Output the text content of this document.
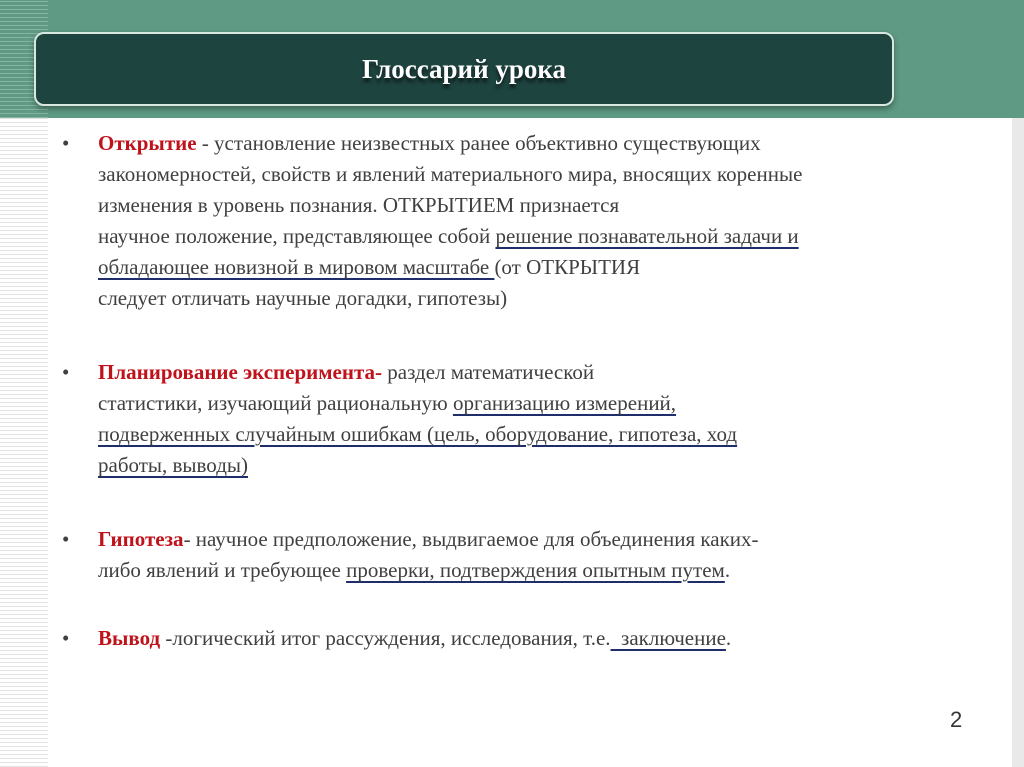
Глоссарий урока
• Открытие - установление неизвестных ранее объективно существующих
закономерностей, свойств и явлений материального мира, вносящих коренные
изменения в уровень познания. ОТКРЫТИЕМ признается
научное положение, представляющее собой решение познавательной задачи и
обладающее новизной в мировом масштабе (от ОТКРЫТИЯ
следует отличать научные догадки, гипотезы)
• Планирование эксперимента- раздел математической
статистики, изучающий рациональную организацию измерений,
подверженных случайным ошибкам (цель, оборудование, гипотеза, ход
работы, выводы)
• Гипотеза- научное предположение, выдвигаемое для объединения каких-
либо явлений и требующее проверки, подтверждения опытным путем.
• Вывод -логический итог рассуждения, исследования, т.е.  заключение.
2
